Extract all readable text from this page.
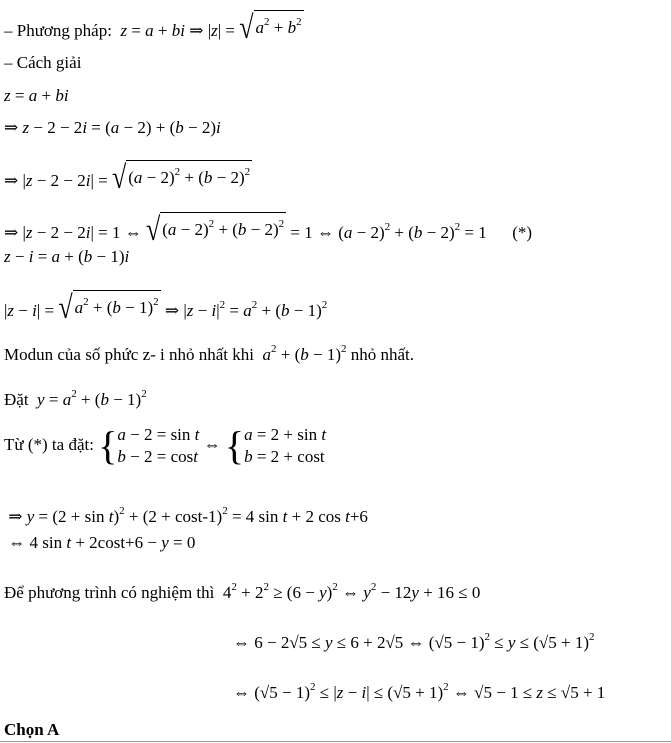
– Phương pháp: z = a + bi ⇒ |z| = √ $a^2 + b^2$
– Cách giải
z = a + bi
⇒ z − 2 − 2i = (a − 2) + (b − 2)i
⇒ |z − 2 − 2i| = √ $(a - 2)^2 + (b - 2)^2$
⇒ |z − 2 − 2i| = 1 ⇔ √ $(a - 2)^2 + (b - 2)^2 = 1$ ⇔ $(a - 2)^2 + (b - 2)^2 = 1$      (*)
z − i = a + (b − 1)i
|z − i| = √ $a^2 + (b - 1)^2$ ⇒ $|z - i|^2 = a^2 + (b - 1)^2$
Modun của số phức z- i nhỏ nhất khi $a^2 + (b - 1)^2$ nhỏ nhất.
Đặt $y = a^2 + (b - 1)^2$
Từ (*) ta đặt: {a − 2 = sin t
b − 2 = cost ⇔ {a = 2 + sin t
b = 2 + cost
⇒ $y = (2 + \sin t)^2 + (2 + \cos t-1)^2 = 4$ sin t + 2 cos t+6
⇔ 4 sin t + 2cost+6 − y = 0
Để phương trình có nghiệm thì  $4^2 + 2^2 \ge (6 - y)^2$ ⇔ $y^2 - 12y + 16 \le 0$
⇔ 6 − 2√5 ≤ y ≤ 6 + 2√5 ⇔ $(√5 - 1)^2 \le y \le (√5 + 1)^2$
⇔ $(√5 - 1)^2 \le |z - i| \le (√5 + 1)^2$ ⇔ √5 − 1 ≤ z ≤ √5 + 1
Chọn A
